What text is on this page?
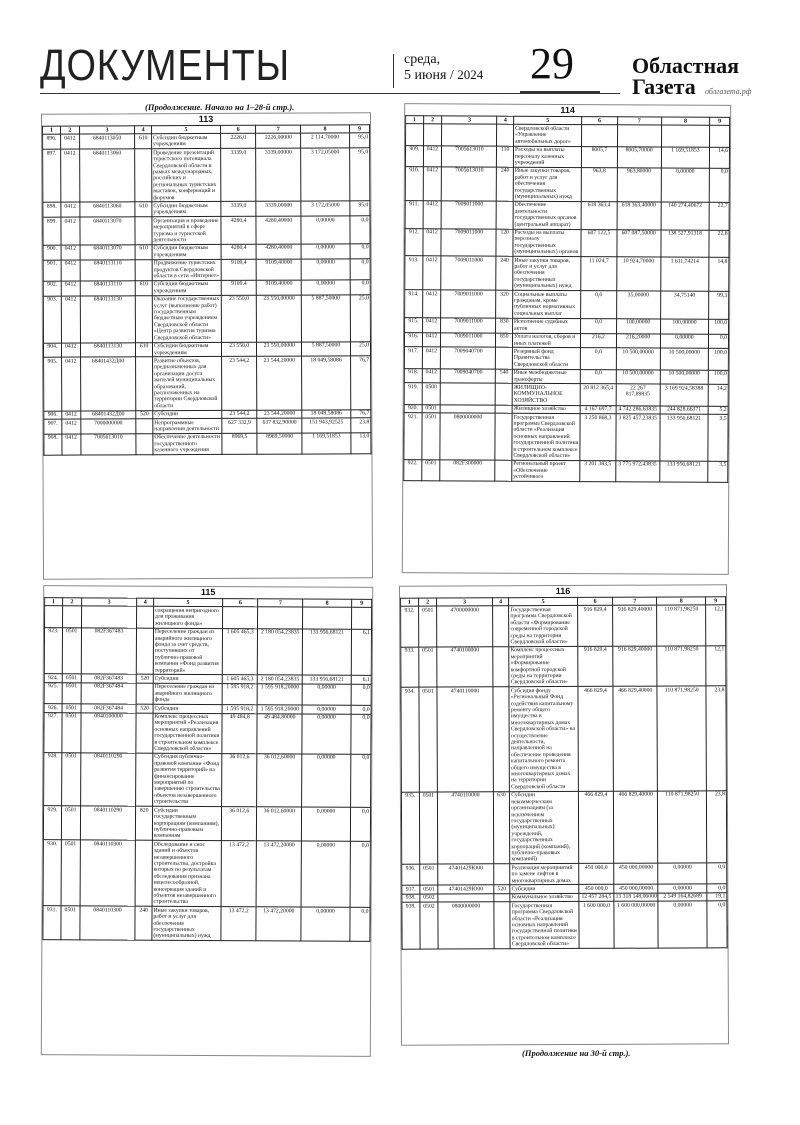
ДОКУМЕНТЫ	среда,
5 июня / 2024 29	Областная
Газета облгазета.рф
(Продолжение. Начало на 1–28-й стр.).
113
1	2	3	4	5	6	7	8	9
896.	0412	6840113050	610	Субсидии бюджетным учреждениям	2226,0	2226,00000	2 114,70000	95,0
897.	0412	6840113060		Проведение презентаций туристского потенциала Свердловской области в рамках международных, российских и региональных туристских выставок, конференций и форумов	3339,0	3339,00000	3 172,05000	95,0
898.	0412	6840113060	610	Субсидии бюджетным учреждениям	3339,0	3339,00000	3 172,05000	95,0
899.	0412	6840113070		Организация и проведение мероприятий в сфере туризма и туристской деятельности	4280,4	4280,40000	0,00000	0,0
900.	0412	6840113070	610	Субсидии бюджетным учреждениям	4280,4	4280,40000	0,00000	0,0
901.	0412	6840113110		Продвижение туристских продуктов Свердловской области в сети «Интернет»	9109,4	9109,40000	0,00000	0,0
902.	0412	6840113110	610	Субсидии бюджетным учреждениям	9109,4	9109,40000	0,00000	0,0
903.	0412	6840113130		Оказание государственных услуг (выполнение работ) государственным бюджетным учреждением Свердловской области «Центр развития туризма Свердловской области»	23 550,0	23 550,00000	5 887,50000	25,0
904.	0412	6840113130	610	Субсидии бюджетным учреждениям	23 550,0	23 550,00000	5 887,50000	25,0
905.	0412	68401432Д00		Развитие объектов, предназначенных для организации досуга жителей муниципальных образований, расположенных на территории Свердловской области	23 544,2	23 544,20000	18 049,58086	76,7
906.	0412	68401432Д00	520	Субсидии	23 544,2	23 544,20000	18 049,58086	76,7
907.	0412	7000000000		Непрограммные направления деятельности	627 332,9	637 832,90000	151 943,92525	23,8
908.	0412	7005613010		Обеспечение деятельности государственного казенного учреждения	8969,5	8969,50000	1 169,51853	13,0
114
1	2	3	4	5	6	7	8	9
				Свердловской области «Управление автомобильных дорог»				
909.	0412	7005613010	110	Расходы на выплаты персоналу казенных учреждений	8005,7	8005,70000	1 169,51853	14,6
910.	0412	7005613010	240	Иные закупки товаров, работ и услуг для обеспечения государственных (муниципальных) нужд	963,8	963,80000	0,00000	0,0
911.	0412	7009011000		Обеспечение деятельности государственных органов (центральный аппарат)	618 363,4	618 363,40000	140 274,40672	22,7
912.	0412	7009011000	120	Расходы на выплаты персоналу государственных (муниципальных) органов	607 122,5	607 087,50000	138 527,91318	22,8
913.	0412	7009011000	240	Иные закупки товаров, работ и услуг для обеспечения государственных (муниципальных) нужд	11 024,7	10 924,70000	1 611,74214	14,8
914.	0412	7009011000	320	Социальные выплаты гражданам, кроме публичных нормативных социальных выплат	0,0	35,00000	34,75140	99,3
915.	0412	7009011000	830	Исполнение судебных актов	0,0	100,00000	100,00000	100,0
916.	0412	7009011000	850	Уплата налогов, сборов и иных платежей	216,2	216,20000	0,00000	0,0
917.	0412	7009040700		Резервный фонд Правительства Свердловской области	0,0	10 500,00000	10 500,00000	100,0
918.	0412	7009040700	540	Иные межбюджетные трансферты	0,0	10 500,00000	10 500,00000	100,0
919.	0500			ЖИЛИЩНО-КОММУНАЛЬНОЕ ХОЗЯЙСТВО	20 812 365,4	22 267 817,89835	3 169 924,58388	14,2
920.	0501			Жилищное хозяйство	4 167 697,7	4 742 286,63835	244 828,66371	5,2
921.	0501	0800000000		Государственная программа Свердловской области «Реализация основных направлений государственной политики в строительном комплексе Свердловской области»	3 250 868,3	3 825 457,23835	133 956,68121	3,5
922.	0501	082F300000		Региональный проект «Обеспечение устойчивого	3 201 383,5	3 775 972,43835	133 956,68121	3,5
115
1	2	3	4	5	6	7	8	9
				сокращения непригодного для проживания жилищного фонда»				
923.	0501	082F367483		Переселение граждан из аварийного жилищного фонда за счет средств, поступивших от публично-правовой компании «Фонд развития территорий»	1 605 465,3	2 180 054,23835	133 956,68121	6,1
924.	0501	082F367483	520	Субсидии	1 605 465,3	2 180 054,23835	133 956,68121	6,1
925.	0501	082F367484		Переселение граждан из аварийного жилищного фонда	1 595 918,2	1 595 918,20000	0,00000	0,0
926.	0501	082F367484	520	Субсидии	1 595 918,2	1 595 918,20000	0,00000	0,0
927.	0501	0840100000		Комплекс процессных мероприятий «Реализация основных направлений государственной политики в строительном комплексе Свердловской области»	49 484,8	49 484,80000	0,00000	0,0
928.	0501	0840110290		Субсидия публично-правовой компании «Фонд развития территорий» на финансирование мероприятий по завершению строительства объектов незавершенного строительства	36 012,6	36 012,60000	0,00000	0,0
929.	0501	0840110290	820	Субсидии государственным корпорациям (компаниям), публично-правовым компаниям	36 012,6	36 012,60000	0,00000	0,0
930.	0501	0840110300		Обследование и снос зданий и объектов незавершенного строительства, достройка которых по результатам обследования признана нецелесообразной, консервация зданий и объектов незавершенного строительства	13 472,2	13 472,20000	0,00000	0,0
931.	0501	0840110300	240	Иные закупки товаров, работ и услуг для обеспечения государственных (муниципальных) нужд	13 472,2	13 472,20000	0,00000	0,0
116
1	2	3	4	5	6	7	8	9
932.	0501	4700000000		Государственная программа Свердловской области «Формирование современной городской среды на территории Свердловской области»	916 829,4	916 829,40000	110 871,98250	12,1
933.	0501	4740100000		Комплекс процессных мероприятий «Формирование комфортной городской среды на территории Свердловской области»	916 829,4	916 829,40000	110 871,98250	12,1
934.	0501	4740110000		Субсидия фонду «Региональный Фонд содействия капитальному ремонту общего имущества в многоквартирных домах Свердловской области» на осуществление деятельности, направленной на обеспечение проведения капитального ремонта общего имущества в многоквартирных домах на территории Свердловской области	466 829,4	466 829,40000	110 871,98250	23,8
935.	0501	4740110000	630	Субсидии некоммерческим организациям (за исключением государственных (муниципальных) учреждений, государственных корпораций (компаний), публично-правовых компаний)	466 829,4	466 829,40000	110 871,98250	23,8
936.	0501	47401429Ю00		Реализация мероприятий по замене лифтов в многоквартирных домах	450 000,0	450 000,00000	0,00000	0,0
937.	0501	47401429Ю00	520	Субсидии	450 000,0	450 000,00000	0,00000	0,0
938.	0502			Коммунальное хозяйство	12 457 284,5	13 318 148,06000	2 549 164,82689	19,1
939.	0502	0800000000		Государственная программа Свердловской области «Реализация основных направлений государственной политики в строительном комплексе Свердловской области»	1 600 000,0	1 600 000,00000	0,00000	0,0
(Продолжение на 30-й стр.).
